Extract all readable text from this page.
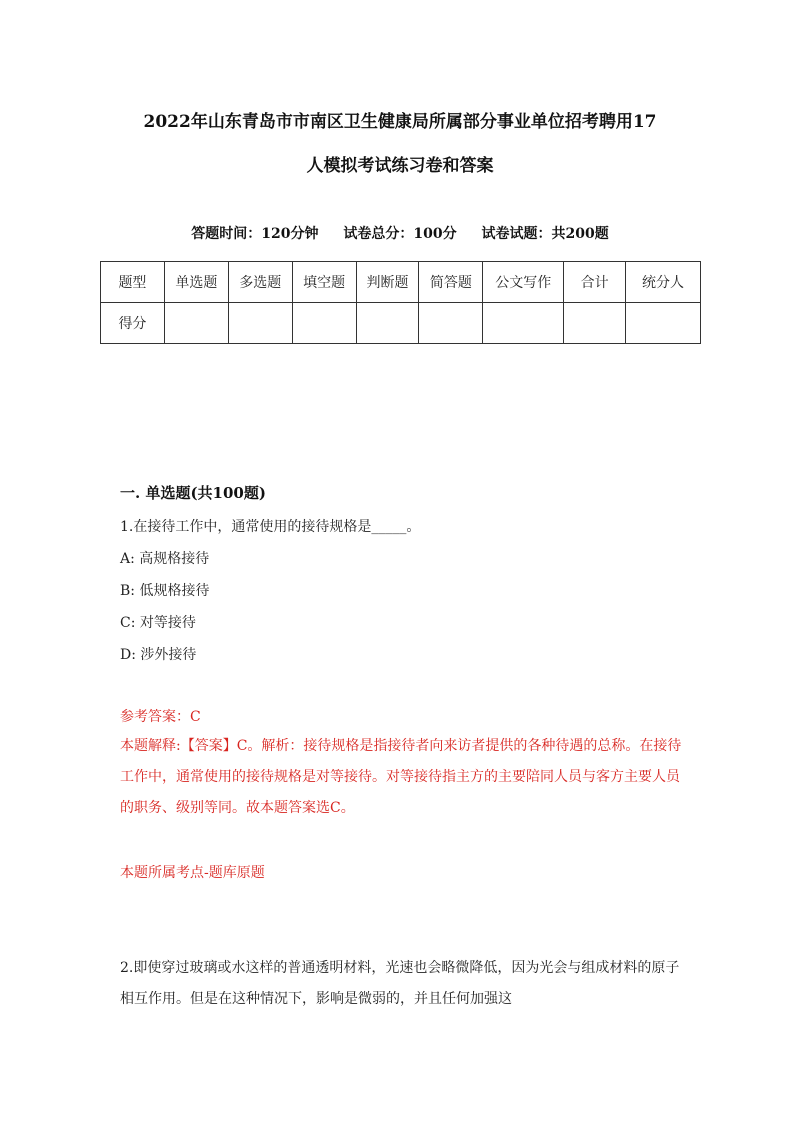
2022年山东青岛市市南区卫生健康局所属部分事业单位招考聘用17
人模拟考试练习卷和答案
答题时间：120分钟 试卷总分：100分 试卷试题：共200题
题型	单选题	多选题	填空题	判断题	简答题	公文写作	合计	统分人
得分								
一. 单选题(共100题)
1.在接待工作中，通常使用的接待规格是_____。
A: 高规格接待
B: 低规格接待
C: 对等接待
D: 涉外接待
参考答案：C
本题解释:【答案】C。解析：接待规格是指接待者向来访者提供的各种待遇的总称。在接待工作中，通常使用的接待规格是对等接待。对等接待指主方的主要陪同人员与客方主要人员的职务、级别等同。故本题答案选C。
本题所属考点-题库原题
2.即使穿过玻璃或水这样的普通透明材料，光速也会略微降低，因为光会与组成材料的原子相互作用。但是在这种情况下，影响是微弱的，并且任何加强这
